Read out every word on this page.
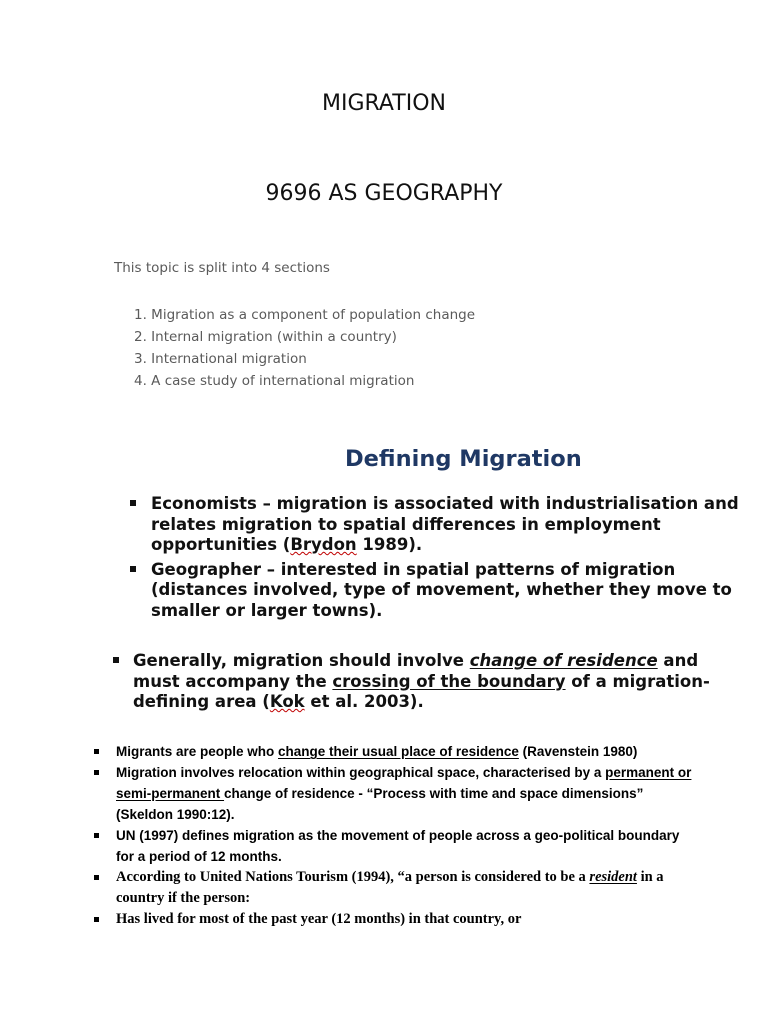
MIGRATION
9696 AS GEOGRAPHY
This topic is split into 4 sections
1. Migration as a component of population change
2. Internal migration (within a country)
3. International migration
4. A case study of international migration
Defining Migration
Economists – migration is associated with industrialisation and relates migration to spatial differences in employment opportunities (Brydon 1989).
Geographer – interested in spatial patterns of migration (distances involved, type of movement, whether they move to smaller or larger towns).
Generally, migration should involve change of residence and must accompany the crossing of the boundary of a migration-defining area (Kok et al. 2003).
Migrants are people who change their usual place of residence (Ravenstein 1980)
Migration involves relocation within geographical space, characterised by a permanent or semi-permanent change of residence - “Process with time and space dimensions” (Skeldon 1990:12).
UN (1997) defines migration as the movement of people across a geo-political boundary for a period of 12 months.
According to United Nations Tourism (1994), “a person is considered to be a resident in a country if the person:
Has lived for most of the past year (12 months) in that country, or
